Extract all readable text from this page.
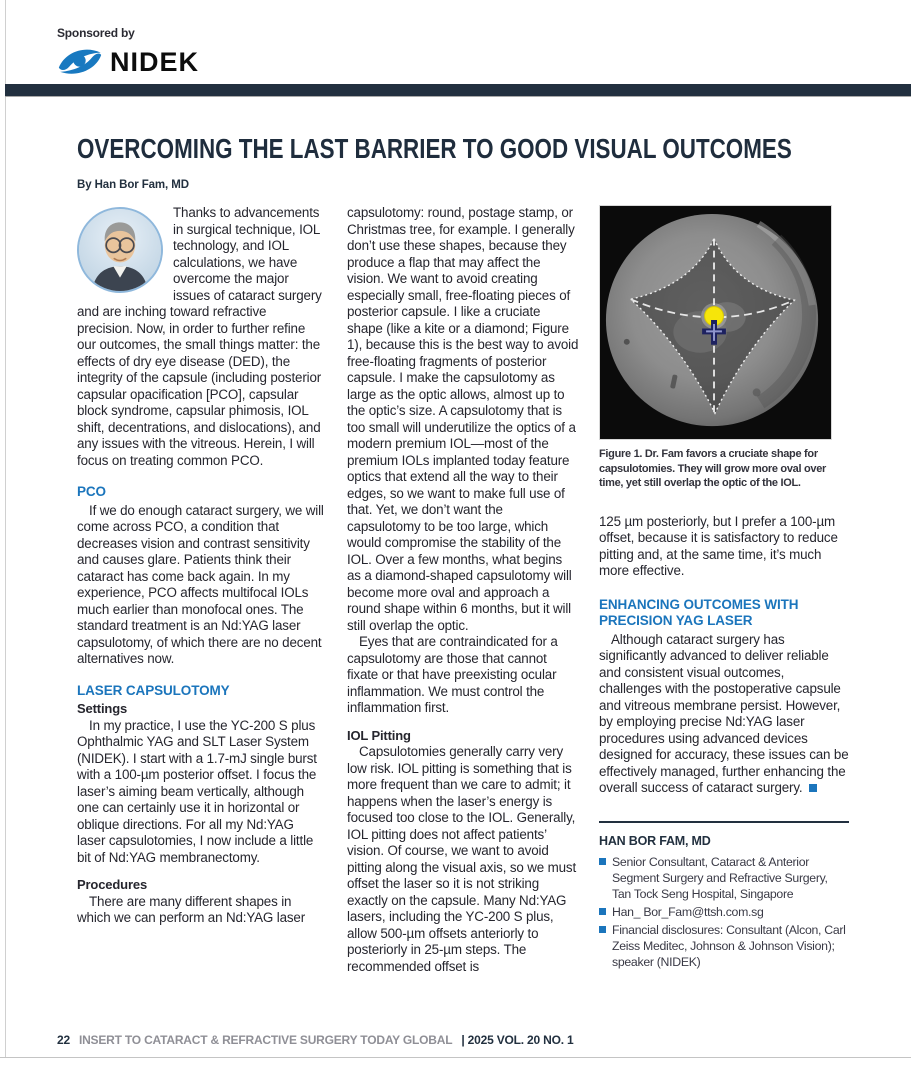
Sponsored by
NIDEK
OVERCOMING THE LAST BARRIER TO GOOD VISUAL OUTCOMES
By Han Bor Fam, MD

Thanks to advancements in surgical technique, IOL technology, and IOL calculations, we have overcome the major issues of cataract surgery and are inching toward refractive precision. Now, in order to further refine our outcomes, the small things matter: the effects of dry eye disease (DED), the integrity of the capsule (including posterior capsular opacification [PCO], capsular block syndrome, capsular phimosis, IOL shift, decentrations, and dislocations), and any issues with the vitreous. Herein, I will focus on treating common PCO.

PCO

If we do enough cataract surgery, we will come across PCO, a condition that decreases vision and contrast sensitivity and causes glare. Patients think their cataract has come back again. In my experience, PCO affects multifocal IOLs much earlier than monofocal ones. The standard treatment is an Nd:YAG laser capsulotomy, of which there are no decent alternatives now.

LASER CAPSULOTOMY
Settings

In my practice, I use the YC-200 S plus Ophthalmic YAG and SLT Laser System (NIDEK). I start with a 1.7-mJ single burst with a 100-µm posterior offset. I focus the laser’s aiming beam vertically, although one can certainly use it in horizontal or oblique directions. For all my Nd:YAG laser capsulotomies, I now include a little bit of Nd:YAG membranectomy.

Procedures

There are many different shapes in which we can perform an Nd:YAG laser

capsulotomy: round, postage stamp, or Christmas tree, for example. I generally don’t use these shapes, because they produce a flap that may affect the vision. We want to avoid creating especially small, free-floating pieces of posterior capsule. I like a cruciate shape (like a kite or a diamond; Figure 1), because this is the best way to avoid free-floating fragments of posterior capsule. I make the capsulotomy as large as the optic allows, almost up to the optic’s size. A capsulotomy that is too small will underutilize the optics of a modern premium IOL—most of the premium IOLs implanted today feature optics that extend all the way to their edges, so we want to make full use of that. Yet, we don’t want the capsulotomy to be too large, which would compromise the stability of the IOL. Over a few months, what begins as a diamond-shaped capsulotomy will become more oval and approach a round shape within 6 months, but it will still overlap the optic.

Eyes that are contraindicated for a capsulotomy are those that cannot fixate or that have preexisting ocular inflammation. We must control the inflammation first.

IOL Pitting

Capsulotomies generally carry very low risk. IOL pitting is something that is more frequent than we care to admit; it happens when the laser’s energy is focused too close to the IOL. Generally, IOL pitting does not affect patients’ vision. Of course, we want to avoid pitting along the visual axis, so we must offset the laser so it is not striking exactly on the capsule. Many Nd:YAG lasers, including the YC-200 S plus, allow 500-µm offsets anteriorly to posteriorly in 25-µm steps. The recommended offset is

Figure 1. Dr. Fam favors a cruciate shape for capsulotomies. They will grow more oval over time, yet still overlap the optic of the IOL.

125 µm posteriorly, but I prefer a 100-µm offset, because it is satisfactory to reduce pitting and, at the same time, it’s much more effective.

ENHANCING OUTCOMES WITH PRECISION YAG LASER

Although cataract surgery has significantly advanced to deliver reliable and consistent visual outcomes, challenges with the postoperative capsule and vitreous membrane persist. However, by employing precise Nd:YAG laser procedures using advanced devices designed for accuracy, these issues can be effectively managed, further enhancing the overall success of cataract surgery.

HAN BOR FAM, MD
Senior Consultant, Cataract & Anterior Segment Surgery and Refractive Surgery, Tan Tock Seng Hospital, Singapore
Han_ Bor_Fam@ttsh.com.sg
Financial disclosures: Consultant (Alcon, Carl Zeiss Meditec, Johnson & Johnson Vision); speaker (NIDEK)
22 INSERT TO CATARACT & REFRACTIVE SURGERY TODAY GLOBAL | 2025 VOL. 20 NO. 1
